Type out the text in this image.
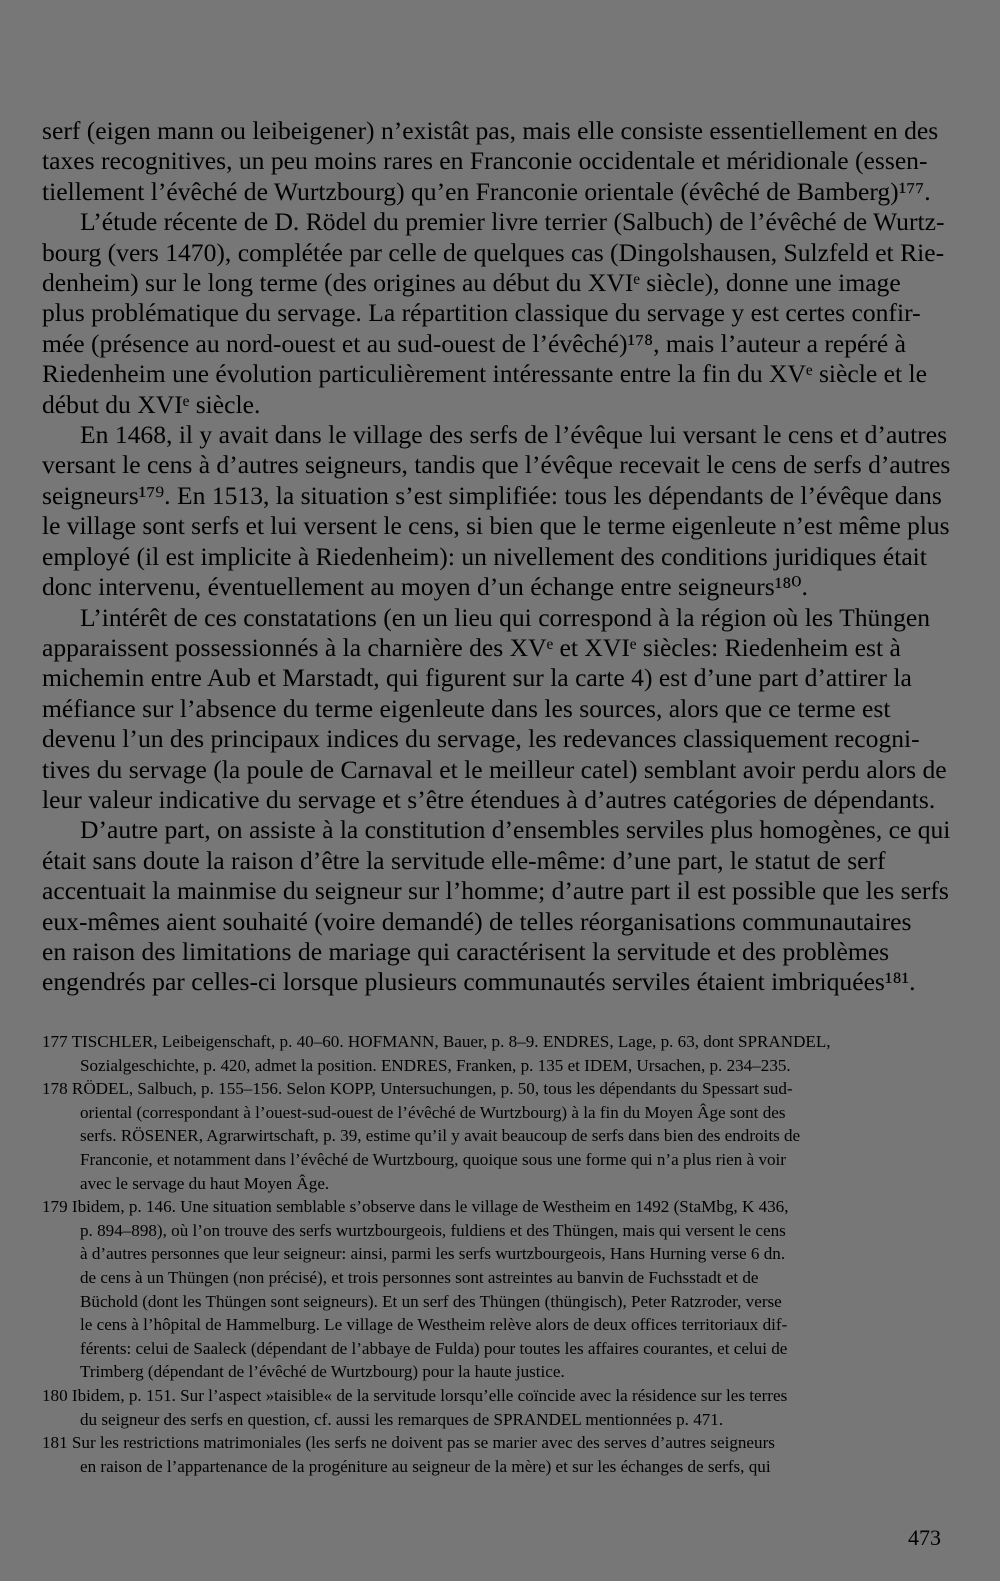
serf (eigen mann ou leibeigener) n’existât pas, mais elle consiste essentiellement en des
taxes recognitives, un peu moins rares en Franconie occidentale et méridionale (essen-
tiellement l’évêché de Wurtzbourg) qu’en Franconie orientale (évêché de Bamberg)¹⁷⁷.
L’étude récente de D. Rödel du premier livre terrier (Salbuch) de l’évêché de Wurtz-
bourg (vers 1470), complétée par celle de quelques cas (Dingolshausen, Sulzfeld et Rie-
denheim) sur le long terme (des origines au début du XVIᵉ siècle), donne une image
plus problématique du servage. La répartition classique du servage y est certes confir-
mée (présence au nord-ouest et au sud-ouest de l’évêché)¹⁷⁸, mais l’auteur a repéré à
Riedenheim une évolution particulièrement intéressante entre la fin du XVᵉ siècle et le
début du XVIᵉ siècle.
En 1468, il y avait dans le village des serfs de l’évêque lui versant le cens et d’autres
versant le cens à d’autres seigneurs, tandis que l’évêque recevait le cens de serfs d’autres
seigneurs¹⁷⁹. En 1513, la situation s’est simplifiée: tous les dépendants de l’évêque dans
le village sont serfs et lui versent le cens, si bien que le terme eigenleute n’est même plus
employé (il est implicite à Riedenheim): un nivellement des conditions juridiques était
donc intervenu, éventuellement au moyen d’un échange entre seigneurs¹⁸⁰.
L’intérêt de ces constatations (en un lieu qui correspond à la région où les Thüngen
apparaissent possessionnés à la charnière des XVᵉ et XVIᵉ siècles: Riedenheim est à
michemin entre Aub et Marstadt, qui figurent sur la carte 4) est d’une part d’attirer la
méfiance sur l’absence du terme eigenleute dans les sources, alors que ce terme est
devenu l’un des principaux indices du servage, les redevances classiquement recogni-
tives du servage (la poule de Carnaval et le meilleur catel) semblant avoir perdu alors de
leur valeur indicative du servage et s’être étendues à d’autres catégories de dépendants.
D’autre part, on assiste à la constitution d’ensembles serviles plus homogènes, ce qui
était sans doute la raison d’être la servitude elle-même: d’une part, le statut de serf
accentuait la mainmise du seigneur sur l’homme; d’autre part il est possible que les serfs
eux-mêmes aient souhaité (voire demandé) de telles réorganisations communautaires
en raison des limitations de mariage qui caractérisent la servitude et des problèmes
engendrés par celles-ci lorsque plusieurs communautés serviles étaient imbriquées¹⁸¹.
177 TISCHLER, Leibeigenschaft, p. 40–60. HOFMANN, Bauer, p. 8–9. ENDRES, Lage, p. 63, dont SPRANDEL,
Sozialgeschichte, p. 420, admet la position. ENDRES, Franken, p. 135 et IDEM, Ursachen, p. 234–235.
178 RÖDEL, Salbuch, p. 155–156. Selon KOPP, Untersuchungen, p. 50, tous les dépendants du Spessart sud-
oriental (correspondant à l’ouest-sud-ouest de l’évêché de Wurtzbourg) à la fin du Moyen Âge sont des
serfs. RÖSENER, Agrarwirtschaft, p. 39, estime qu’il y avait beaucoup de serfs dans bien des endroits de
Franconie, et notamment dans l’évêché de Wurtzbourg, quoique sous une forme qui n’a plus rien à voir
avec le servage du haut Moyen Âge.
179 Ibidem, p. 146. Une situation semblable s’observe dans le village de Westheim en 1492 (StaMbg, K 436,
p. 894–898), où l’on trouve des serfs wurtzbourgeois, fuldiens et des Thüngen, mais qui versent le cens
à d’autres personnes que leur seigneur: ainsi, parmi les serfs wurtzbourgeois, Hans Hurning verse 6 dn.
de cens à un Thüngen (non précisé), et trois personnes sont astreintes au banvin de Fuchsstadt et de
Büchold (dont les Thüngen sont seigneurs). Et un serf des Thüngen (thüngisch), Peter Ratzroder, verse
le cens à l’hôpital de Hammelburg. Le village de Westheim relève alors de deux offices territoriaux dif-
férents: celui de Saaleck (dépendant de l’abbaye de Fulda) pour toutes les affaires courantes, et celui de
Trimberg (dépendant de l’évêché de Wurtzbourg) pour la haute justice.
180 Ibidem, p. 151. Sur l’aspect »taisible« de la servitude lorsqu’elle coïncide avec la résidence sur les terres
du seigneur des serfs en question, cf. aussi les remarques de SPRANDEL mentionnées p. 471.
181 Sur les restrictions matrimoniales (les serfs ne doivent pas se marier avec des serves d’autres seigneurs
en raison de l’appartenance de la progéniture au seigneur de la mère) et sur les échanges de serfs, qui
473
